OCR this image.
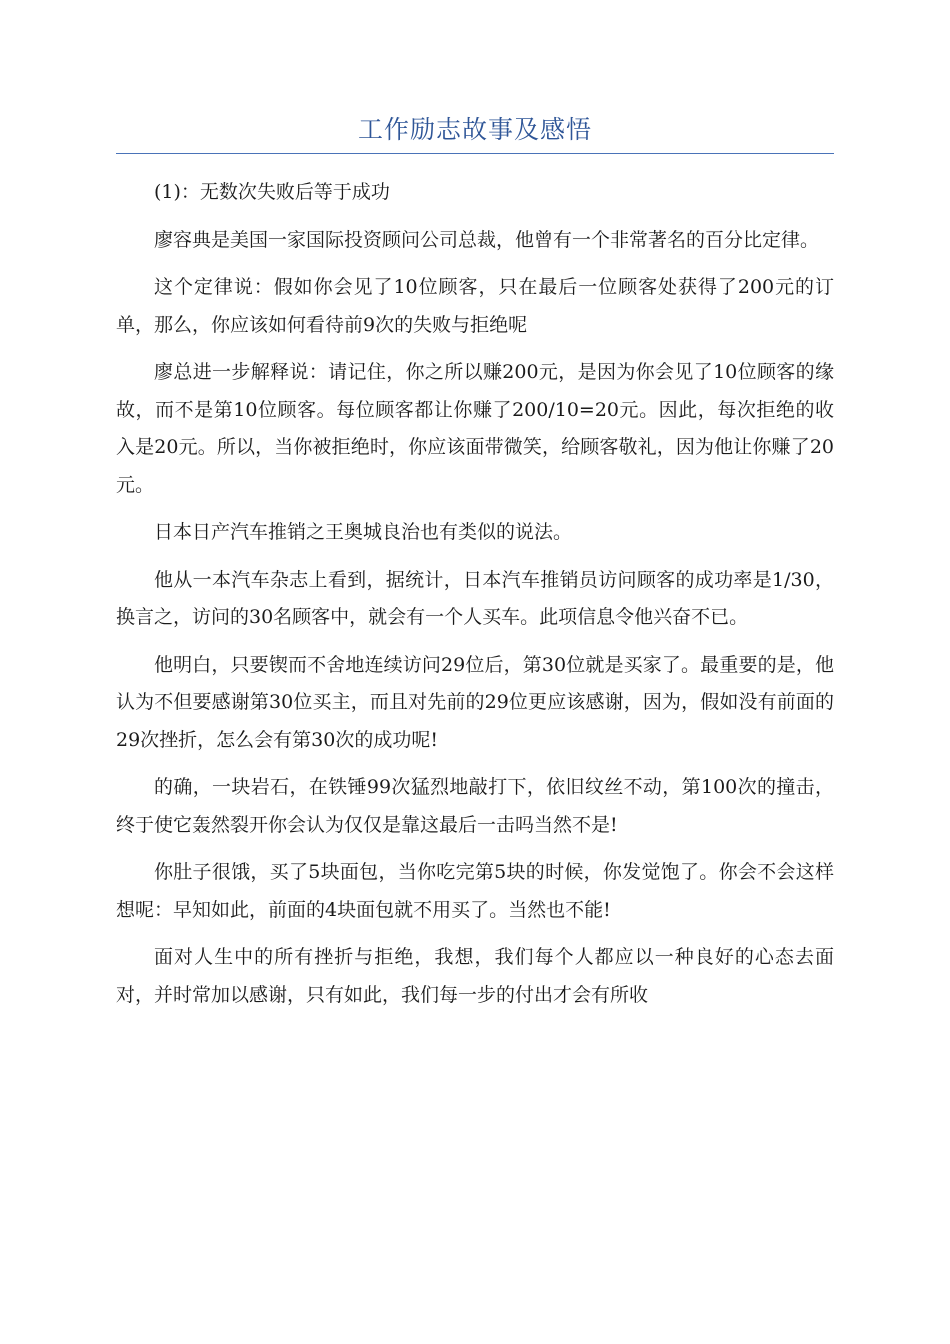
工作励志故事及感悟

(1)：无数次失败后等于成功

廖容典是美国一家国际投资顾问公司总裁，他曾有一个非常著名的百分比定律。

这个定律说：假如你会见了10位顾客，只在最后一位顾客处获得了200元的订单，那么，你应该如何看待前9次的失败与拒绝呢

廖总进一步解释说：请记住，你之所以赚200元，是因为你会见了10位顾客的缘故，而不是第10位顾客。每位顾客都让你赚了200/10=20元。因此，每次拒绝的收入是20元。所以，当你被拒绝时，你应该面带微笑，给顾客敬礼，因为他让你赚了20元。

日本日产汽车推销之王奥城良治也有类似的说法。

他从一本汽车杂志上看到，据统计，日本汽车推销员访问顾客的成功率是1/30，换言之，访问的30名顾客中，就会有一个人买车。此项信息令他兴奋不已。

他明白，只要锲而不舍地连续访问29位后，第30位就是买家了。最重要的是，他认为不但要感谢第30位买主，而且对先前的29位更应该感谢，因为，假如没有前面的29次挫折，怎么会有第30次的成功呢!

的确，一块岩石，在铁锤99次猛烈地敲打下，依旧纹丝不动，第100次的撞击，终于使它轰然裂开你会认为仅仅是靠这最后一击吗当然不是!

你肚子很饿，买了5块面包，当你吃完第5块的时候，你发觉饱了。你会不会这样想呢：早知如此，前面的4块面包就不用买了。当然也不能!

面对人生中的所有挫折与拒绝，我想，我们每个人都应以一种良好的心态去面对，并时常加以感谢，只有如此，我们每一步的付出才会有所收
